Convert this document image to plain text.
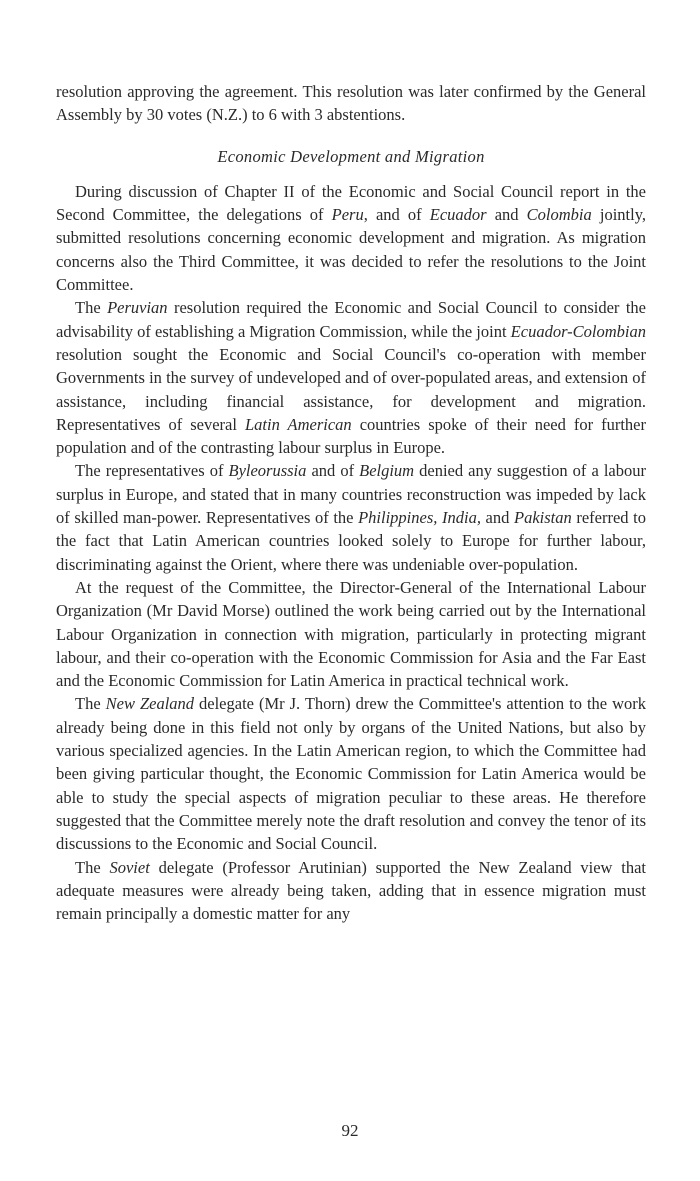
resolution approving the agreement. This resolution was later confirmed by the General Assembly by 30 votes (N.Z.) to 6 with 3 abstentions.

Economic Development and Migration

During discussion of Chapter II of the Economic and Social Council report in the Second Committee, the delegations of Peru, and of Ecuador and Colombia jointly, submitted resolutions concerning economic development and migration. As migration concerns also the Third Committee, it was decided to refer the resolutions to the Joint Committee.

The Peruvian resolution required the Economic and Social Council to consider the advisability of establishing a Migration Commission, while the joint Ecuador-Colombian resolution sought the Economic and Social Council's co-operation with member Governments in the survey of undeveloped and of over-populated areas, and extension of assistance, including financial assistance, for development and migration. Representatives of several Latin American countries spoke of their need for further population and of the contrasting labour surplus in Europe.

The representatives of Byleorussia and of Belgium denied any suggestion of a labour surplus in Europe, and stated that in many countries reconstruction was impeded by lack of skilled man-power. Representatives of the Philippines, India, and Pakistan referred to the fact that Latin American countries looked solely to Europe for further labour, discriminating against the Orient, where there was undeniable over-population.

At the request of the Committee, the Director-General of the International Labour Organization (Mr David Morse) outlined the work being carried out by the International Labour Organization in connection with migration, particularly in protecting migrant labour, and their co-operation with the Economic Commission for Asia and the Far East and the Economic Commission for Latin America in practical technical work.

The New Zealand delegate (Mr J. Thorn) drew the Committee's attention to the work already being done in this field not only by organs of the United Nations, but also by various specialized agencies. In the Latin American region, to which the Committee had been giving particular thought, the Economic Commission for Latin America would be able to study the special aspects of migration peculiar to these areas. He therefore suggested that the Committee merely note the draft resolution and convey the tenor of its discussions to the Economic and Social Council.

The Soviet delegate (Professor Arutinian) supported the New Zealand view that adequate measures were already being taken, adding that in essence migration must remain principally a domestic matter for any

92
